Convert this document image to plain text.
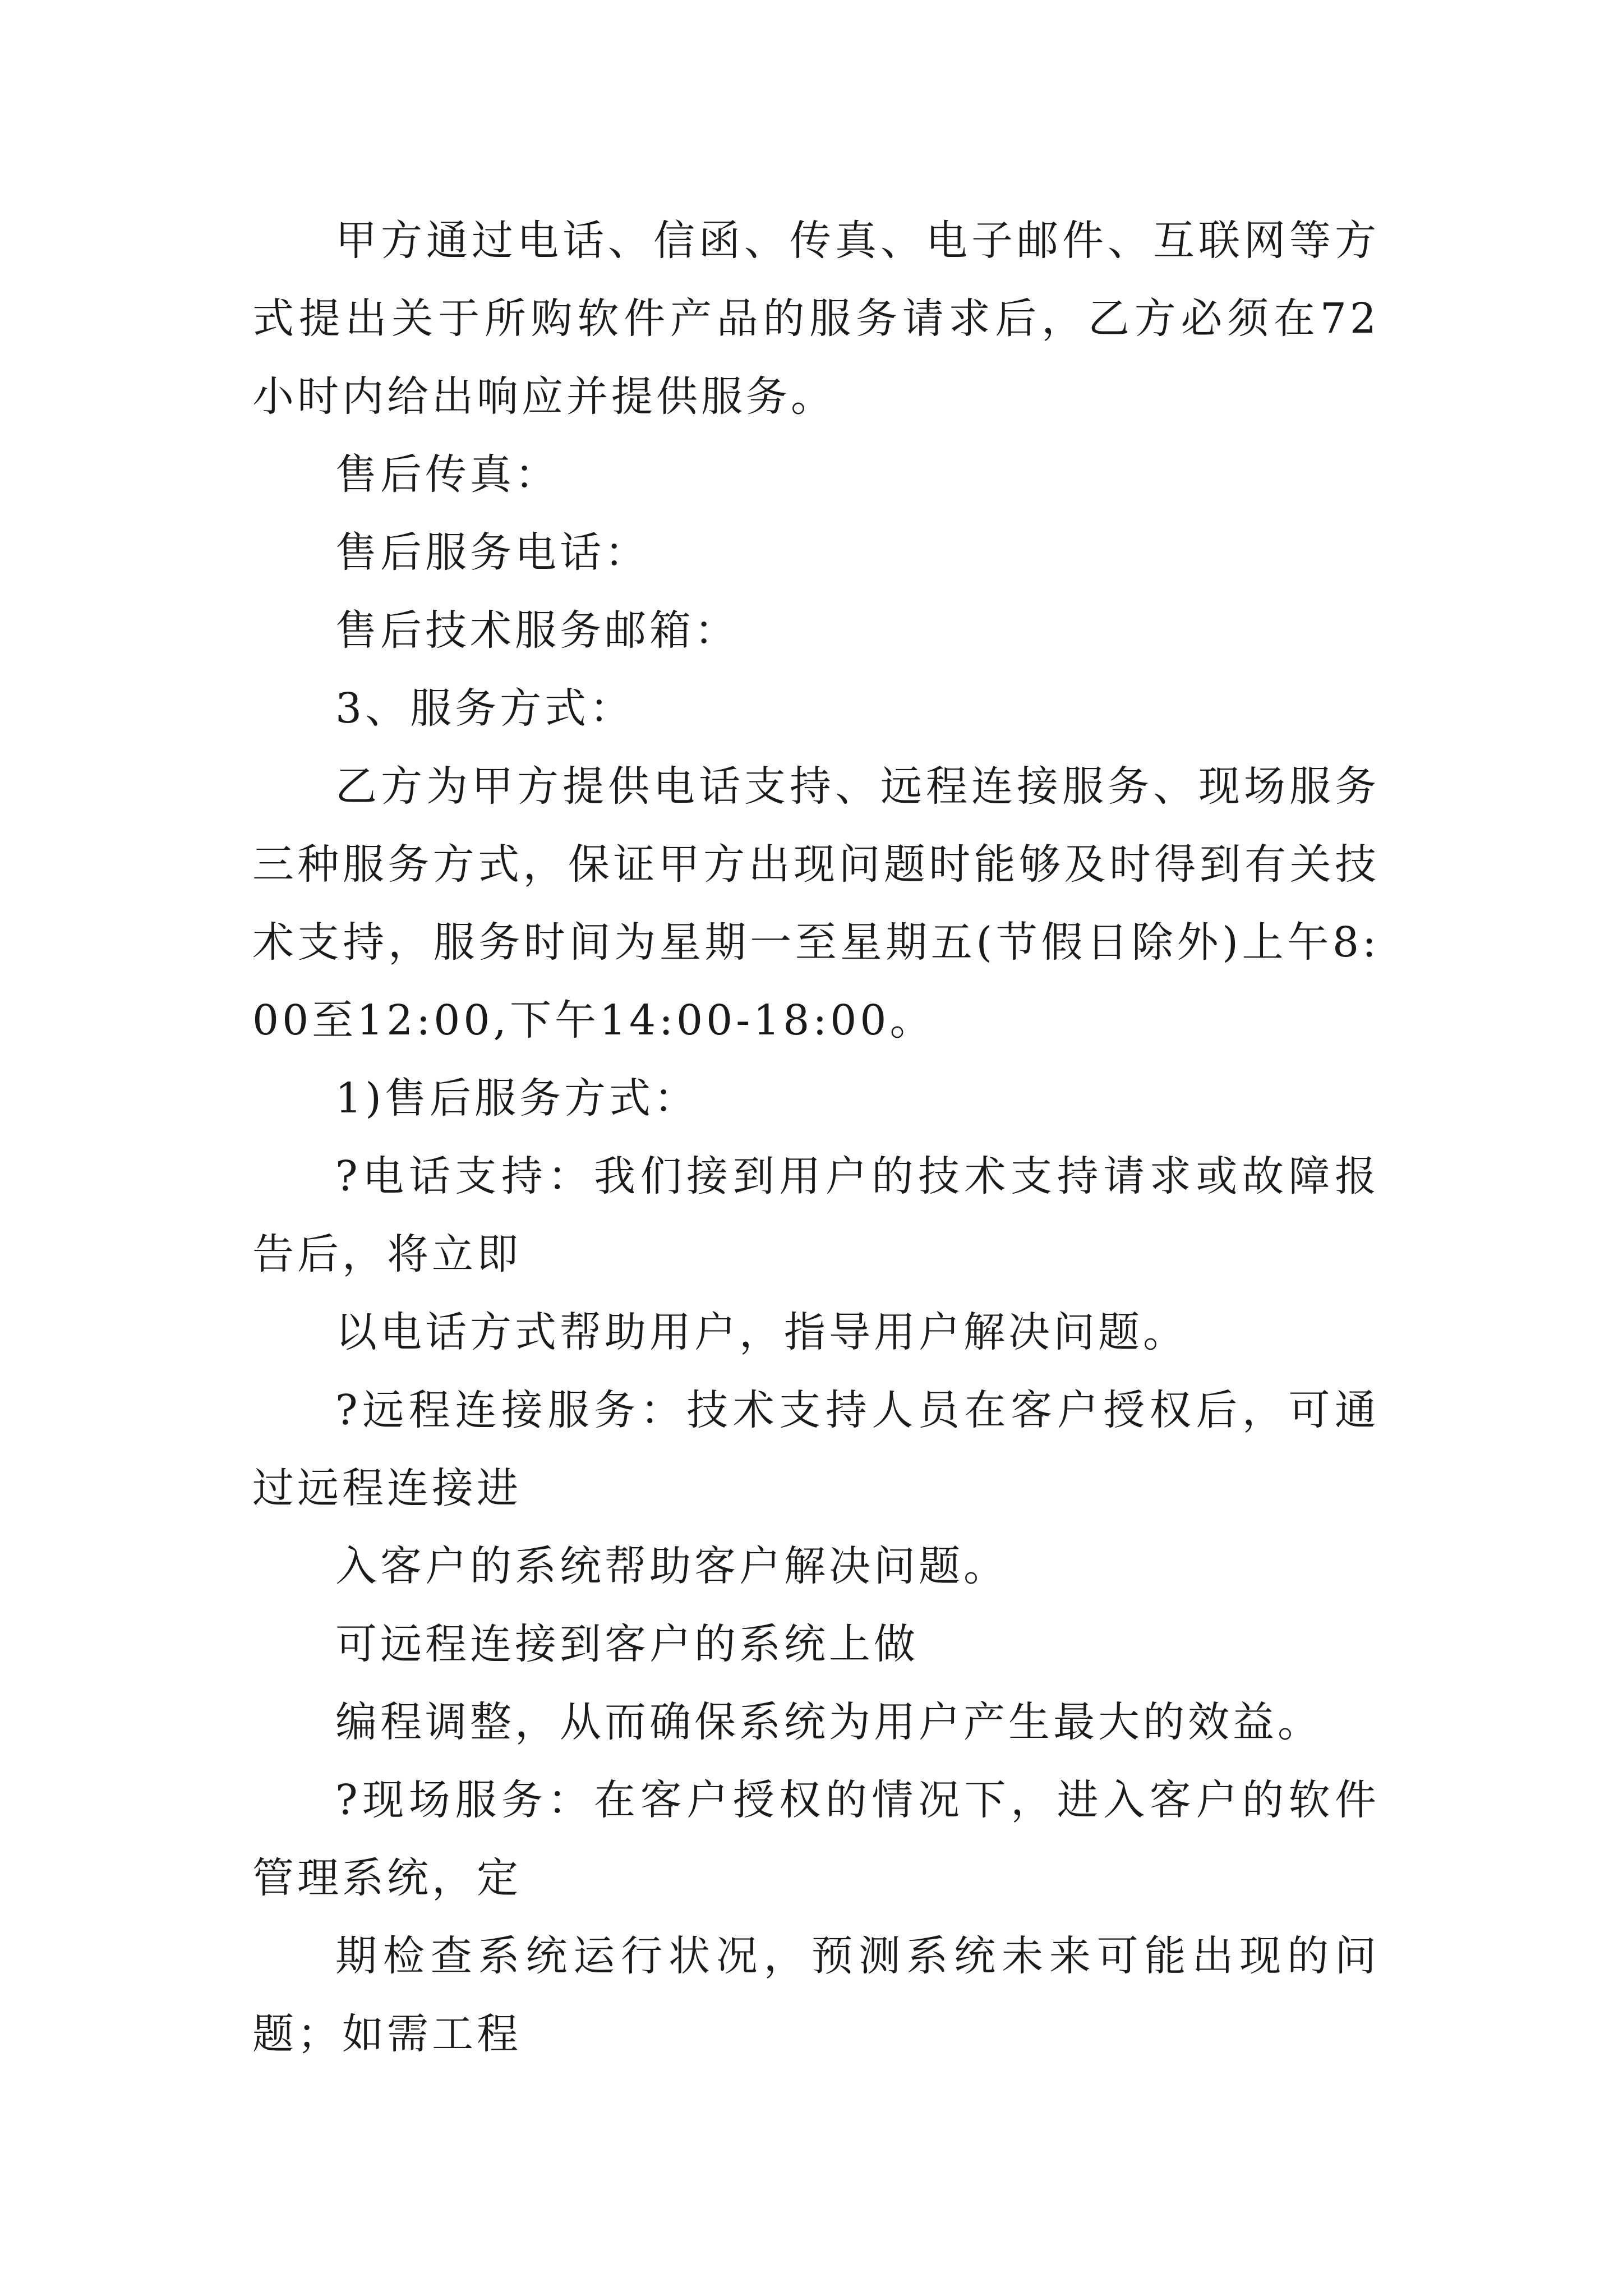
甲方通过电话、信函、传真、电子邮件、互联网等方式提出关于所购软件产品的服务请求后，乙方必须在72小时内给出响应并提供服务。

售后传真：

售后服务电话：

售后技术服务邮箱：

3、服务方式：

乙方为甲方提供电话支持、远程连接服务、现场服务三种服务方式，保证甲方出现问题时能够及时得到有关技术支持，服务时间为星期一至星期五(节假日除外)上午8:00至12:00,下午14:00-18:00。

1)售后服务方式：

?电话支持：我们接到用户的技术支持请求或故障报告后，将立即

以电话方式帮助用户，指导用户解决问题。

?远程连接服务：技术支持人员在客户授权后，可通过远程连接进

入客户的系统帮助客户解决问题。

可远程连接到客户的系统上做

编程调整，从而确保系统为用户产生最大的效益。

?现场服务：在客户授权的情况下，进入客户的软件管理系统，定

期检查系统运行状况，预测系统未来可能出现的问题；如需工程
